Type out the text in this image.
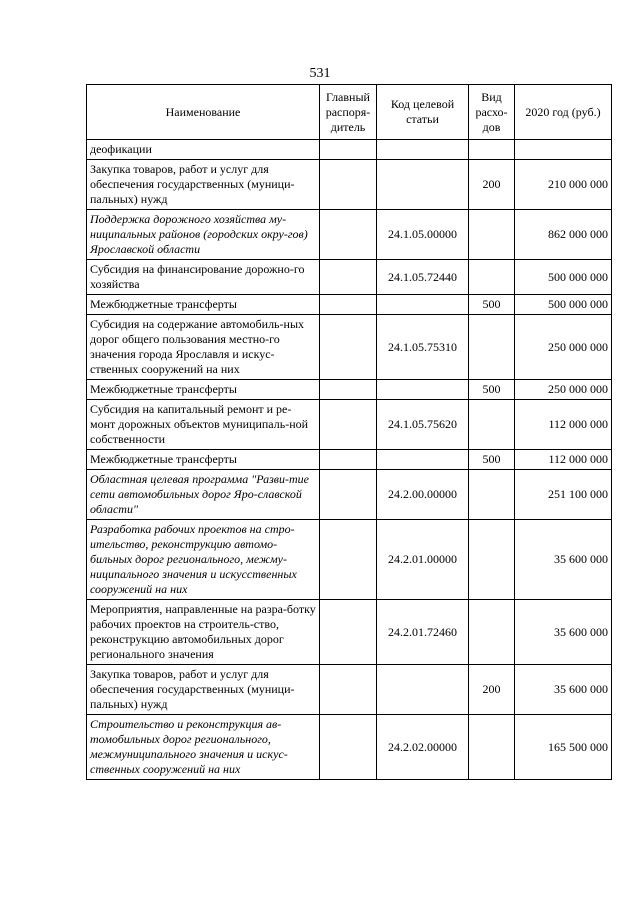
531
Наименование	Главный распоря-дитель	Код целевой статьи	Вид расхо-дов	2020 год (руб.)
деофикации				
Закупка товаров, работ и услуг для обеспечения государственных (муници-пальных) нужд			200	210 000 000
Поддержка дорожного хозяйства му-ниципальных районов (городских окру-гов) Ярославской области		24.1.05.00000		862 000 000
Субсидия на финансирование дорожно-го хозяйства		24.1.05.72440		500 000 000
Межбюджетные трансферты			500	500 000 000
Субсидия на содержание автомобиль-ных дорог общего пользования местно-го значения города Ярославля и искус-ственных сооружений на них		24.1.05.75310		250 000 000
Межбюджетные трансферты			500	250 000 000
Субсидия на капитальный ремонт и ре-монт дорожных объектов муниципаль-ной собственности		24.1.05.75620		112 000 000
Межбюджетные трансферты			500	112 000 000
Областная целевая программа "Разви-тие сети автомобильных дорог Яро-славской области"		24.2.00.00000		251 100 000
Разработка рабочих проектов на стро-ительство, реконструкцию автомо-бильных дорог регионального, межму-ниципального значения и искусственных сооружений на них		24.2.01.00000		35 600 000
Мероприятия, направленные на разра-ботку рабочих проектов на строитель-ство, реконструкцию автомобильных дорог регионального значения		24.2.01.72460		35 600 000
Закупка товаров, работ и услуг для обеспечения государственных (муници-пальных) нужд			200	35 600 000
Строительство и реконструкция ав-томобильных дорог регионального, межмуниципального значения и искус-ственных сооружений на них		24.2.02.00000		165 500 000
